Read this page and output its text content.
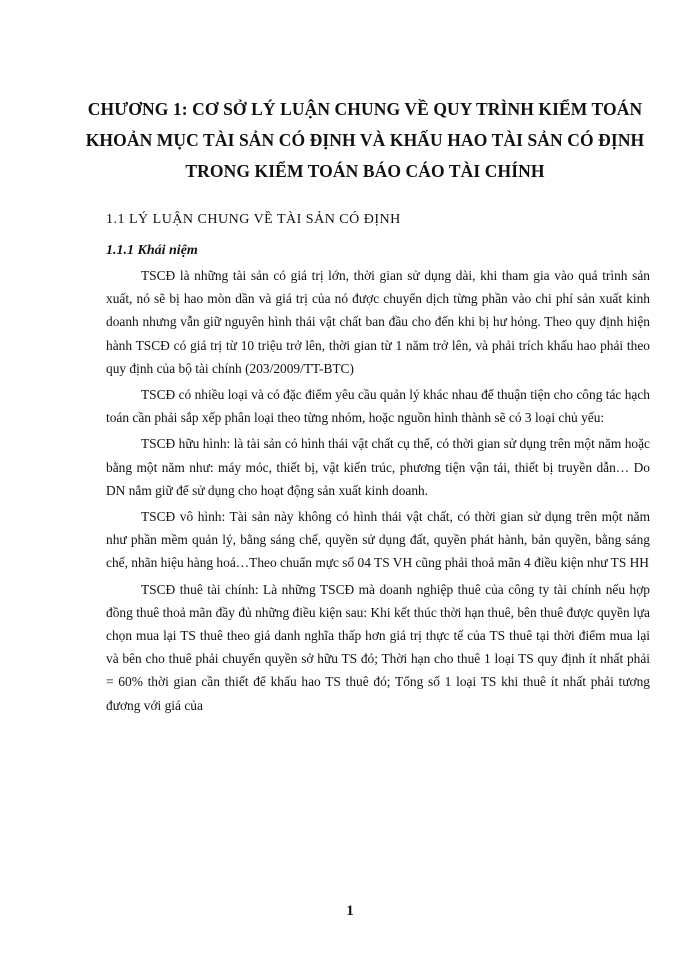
CHƯƠNG 1: CƠ SỞ LÝ LUẬN CHUNG VỀ QUY TRÌNH KIỂM TOÁN KHOẢN MỤC TÀI SẢN CÓ ĐỊNH VÀ KHẤU HAO TÀI SẢN CÓ ĐỊNH TRONG KIỂM TOÁN BÁO CÁO TÀI CHÍNH
1.1 LÝ LUẬN CHUNG VỀ TÀI SẢN CÓ ĐỊNH
1.1.1 Khái niệm

TSCĐ là những tài sản có giá trị lớn, thời gian sử dụng dài, khi tham gia vào quá trình sản xuất, nó sẽ bị hao mòn dần và giá trị của nó được chuyển dịch từng phần vào chi phí sản xuất kinh doanh nhưng vẫn giữ nguyên hình thái vật chất ban đầu cho đến khi bị hư hỏng. Theo quy định hiện hành TSCĐ có giá trị từ 10 triệu trở lên, thời gian từ 1 năm trở lên, và phải trích khấu hao phải theo quy định của bộ tài chính (203/2009/TT-BTC)

TSCĐ có nhiều loại và có đặc điểm yêu cầu quản lý khác nhau để thuận tiện cho công tác hạch toán cần phải sắp xếp phân loại theo từng nhóm, hoặc nguồn hình thành sẽ có 3 loại chủ yếu:

TSCĐ hữu hình: là tài sản có hình thái vật chất cụ thể, có thời gian sử dụng trên một năm hoặc bằng một năm như: máy móc, thiết bị, vật kiến trúc, phương tiện vận tải, thiết bị truyền dẫn… Do DN nắm giữ để sử dụng cho hoạt động sản xuất kinh doanh.

TSCĐ vô hình: Tài sản này không có hình thái vật chất, có thời gian sử dụng trên một năm như phần mềm quản lý, bằng sáng chế, quyền sử dụng đất, quyền phát hành, bản quyền, bằng sáng chế, nhãn hiệu hàng hoá…Theo chuẩn mực số 04 TS VH cũng phải thoả mãn 4 điều kiện như TS HH

TSCĐ thuê tài chính: Là những TSCĐ mà doanh nghiệp thuê của công ty tài chính nếu hợp đồng thuê thoả mãn đầy đủ những điều kiện sau: Khi kết thúc thời hạn thuê, bên thuê được quyền lựa chọn mua lại TS thuê theo giá danh nghĩa thấp hơn giá trị thực tế của TS thuê tại thời điểm mua lại và bên cho thuê phải chuyển quyền sở hữu TS đó; Thời hạn cho thuê 1 loại TS quy định ít nhất phải = 60% thời gian cần thiết để khấu hao TS thuê đó; Tổng số 1 loại TS khi thuê ít nhất phải tương đương với giá của

1
